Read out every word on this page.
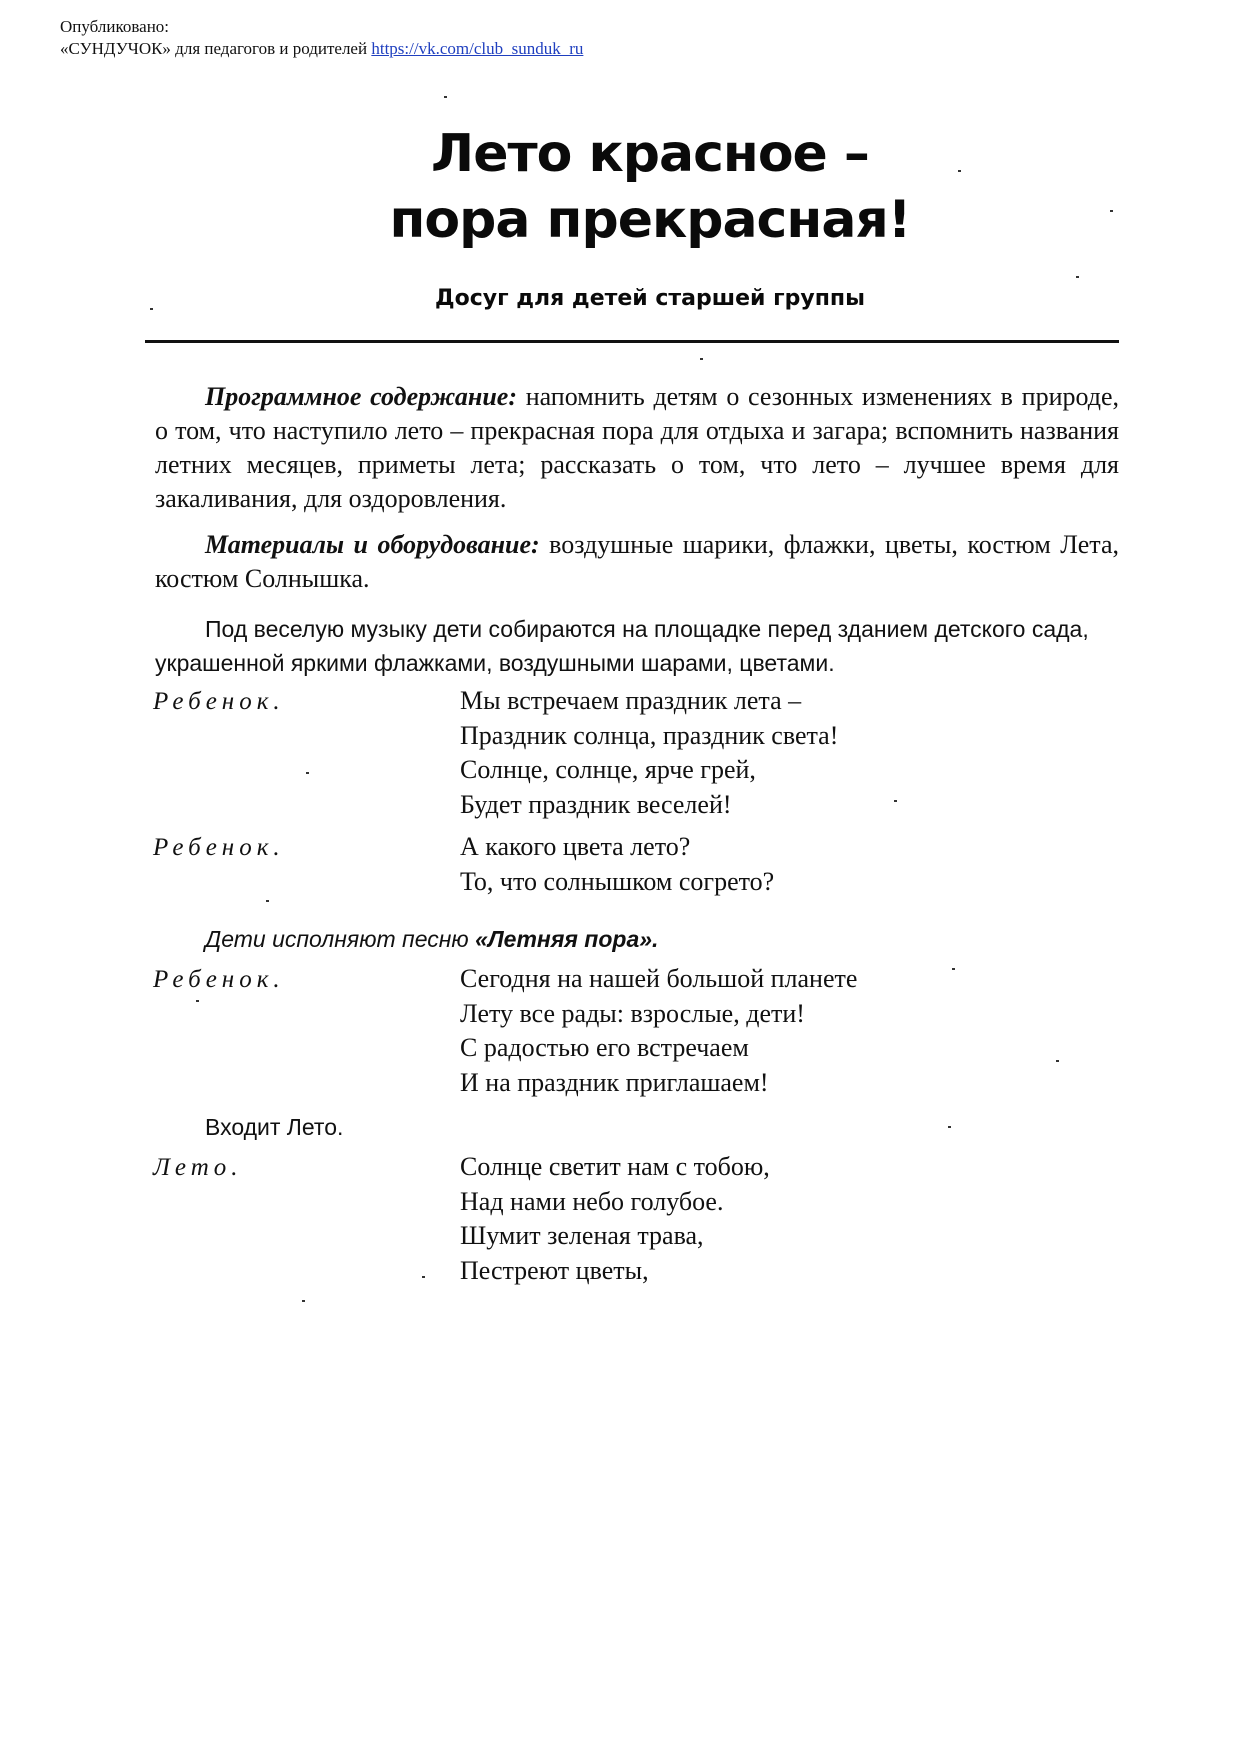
Опубликовано:
«СУНДУЧОК» для педагогов и родителей https://vk.com/club_sunduk_ru
Лето красное –
пора прекрасная!
Досуг для детей старшей группы
Программное содержание: напомнить детям о сезонных изменениях в природе, о том, что наступило лето – прекрасная пора для отдыха и загара; вспомнить названия летних месяцев, приметы лета; рассказать о том, что лето – лучшее время для закаливания, для оздоровления.
Материалы и оборудование: воздушные шарики, флажки, цветы, костюм Лета, костюм Солнышка.
Под веселую музыку дети собираются на площадке перед зданием детского сада, украшенной яркими флажками, воздушными шарами, цветами.
Ребенок.	Мы встречаем праздник лета –
Праздник солнца, праздник света!
Солнце, солнце, ярче грей,
Будет праздник веселей!
Ребенок.	А какого цвета лето?
То, что солнышком согрето?
Дети исполняют песню «Летняя пора».
Ребенок.	Сегодня на нашей большой планете
Лету все рады: взрослые, дети!
С радостью его встречаем
И на праздник приглашаем!
Входит Лето.
Лето.	Солнце светит нам с тобою,
Над нами небо голубое.
Шумит зеленая трава,
Пестреют цветы,
